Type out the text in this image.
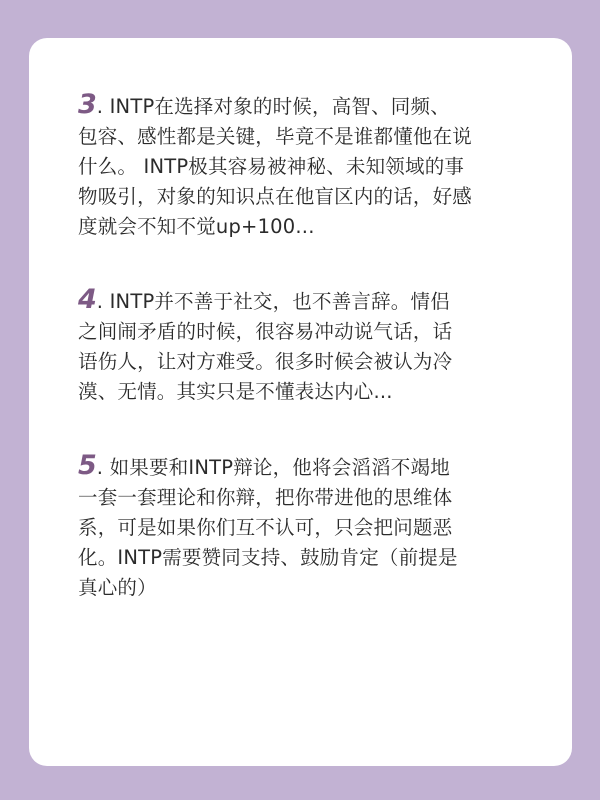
3. INTP在选择对象的时候，高智、同频、
包容、感性都是关键，毕竟不是谁都懂他在说
什么。 INTP极其容易被神秘、未知领域的事
物吸引，对象的知识点在他盲区内的话，好感
度就会不知不觉up+100...
4. INTP并不善于社交，也不善言辞。情侣
之间闹矛盾的时候，很容易冲动说气话，话
语伤人，让对方难受。很多时候会被认为冷
漠、无情。其实只是不懂表达内心...
5. 如果要和INTP辩论，他将会滔滔不竭地
一套一套理论和你辩，把你带进他的思维体
系，可是如果你们互不认可，只会把问题恶
化。INTP需要赞同支持、鼓励肯定（前提是
真心的）
